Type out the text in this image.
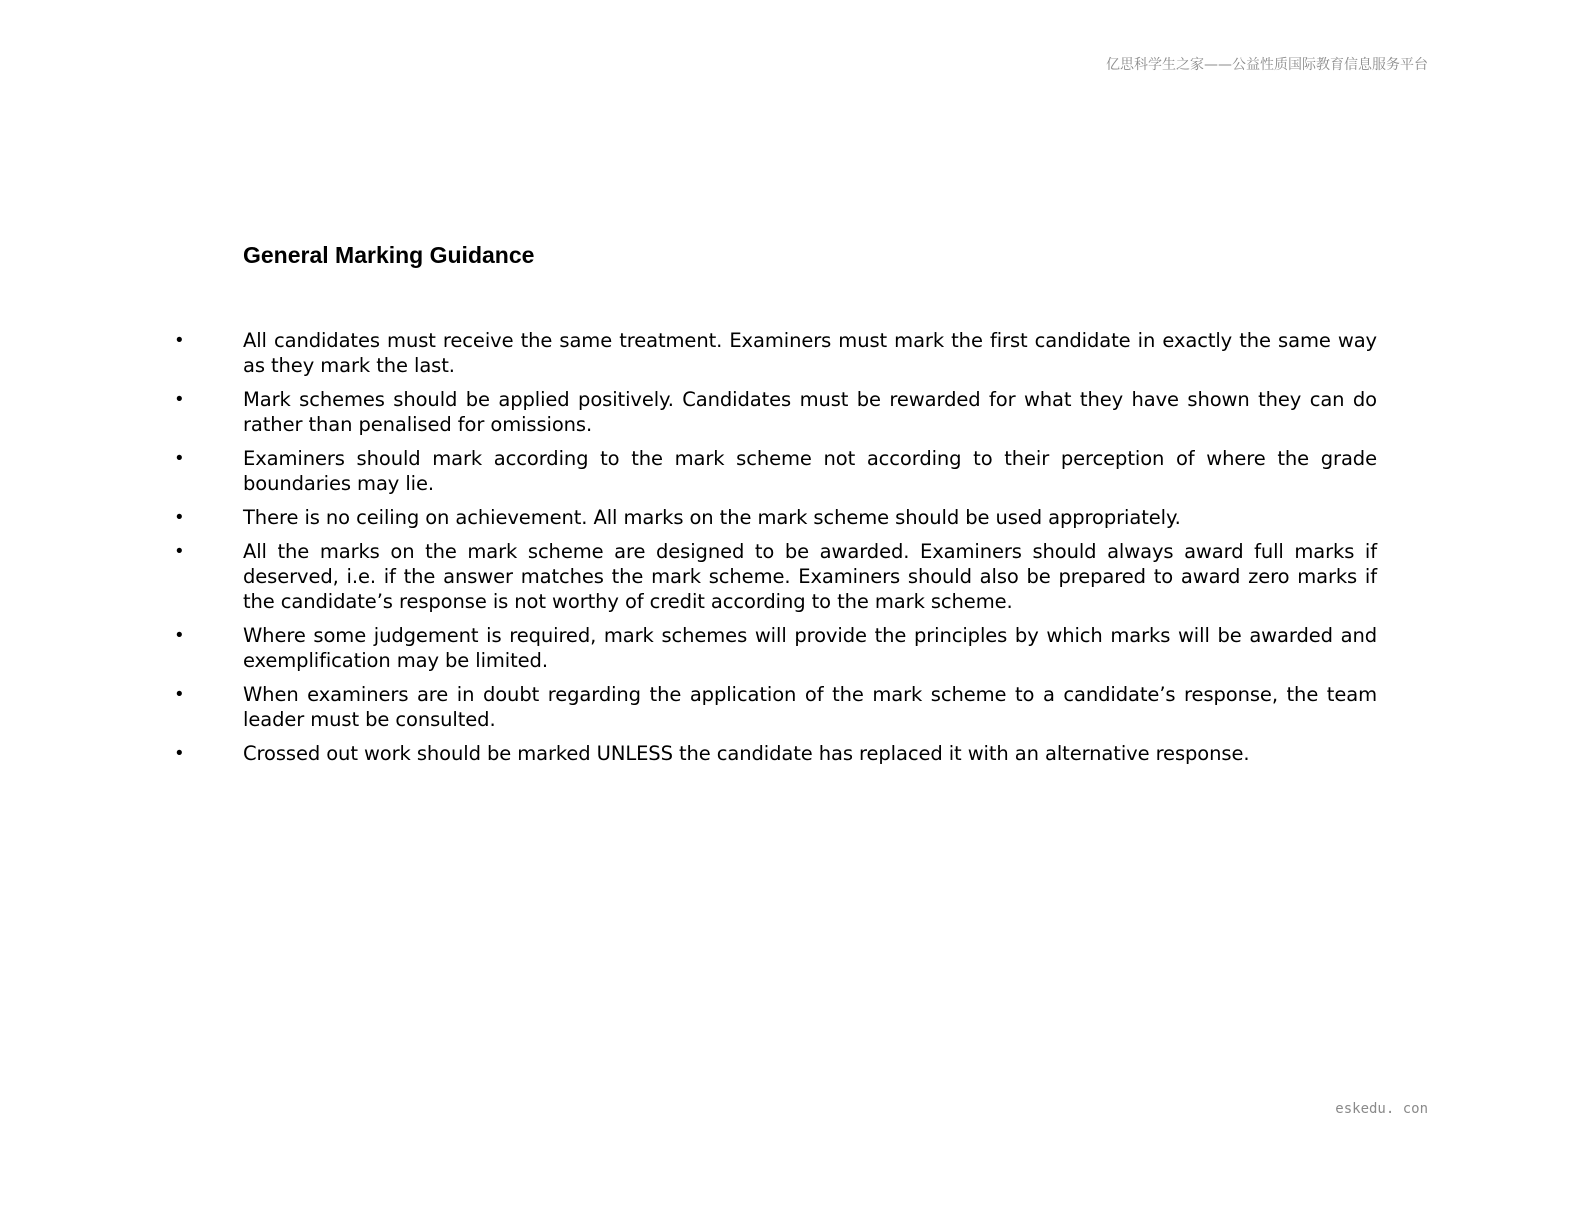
亿思科学生之家——公益性质国际教育信息服务平台
General Marking Guidance
•	All candidates must receive the same treatment. Examiners must mark the first candidate in exactly the same way as they mark the last.
•	Mark schemes should be applied positively. Candidates must be rewarded for what they have shown they can do rather than penalised for omissions.
•	Examiners should mark according to the mark scheme not according to their perception of where the grade boundaries may lie.
•	There is no ceiling on achievement. All marks on the mark scheme should be used appropriately.
•	All the marks on the mark scheme are designed to be awarded. Examiners should always award full marks if deserved, i.e. if the answer matches the mark scheme. Examiners should also be prepared to award zero marks if the candidate’s response is not worthy of credit according to the mark scheme.
•	Where some judgement is required, mark schemes will provide the principles by which marks will be awarded and exemplification may be limited.
•	When examiners are in doubt regarding the application of the mark scheme to a candidate’s response, the team leader must be consulted.
•	Crossed out work should be marked UNLESS the candidate has replaced it with an alternative response.
eskedu. con
